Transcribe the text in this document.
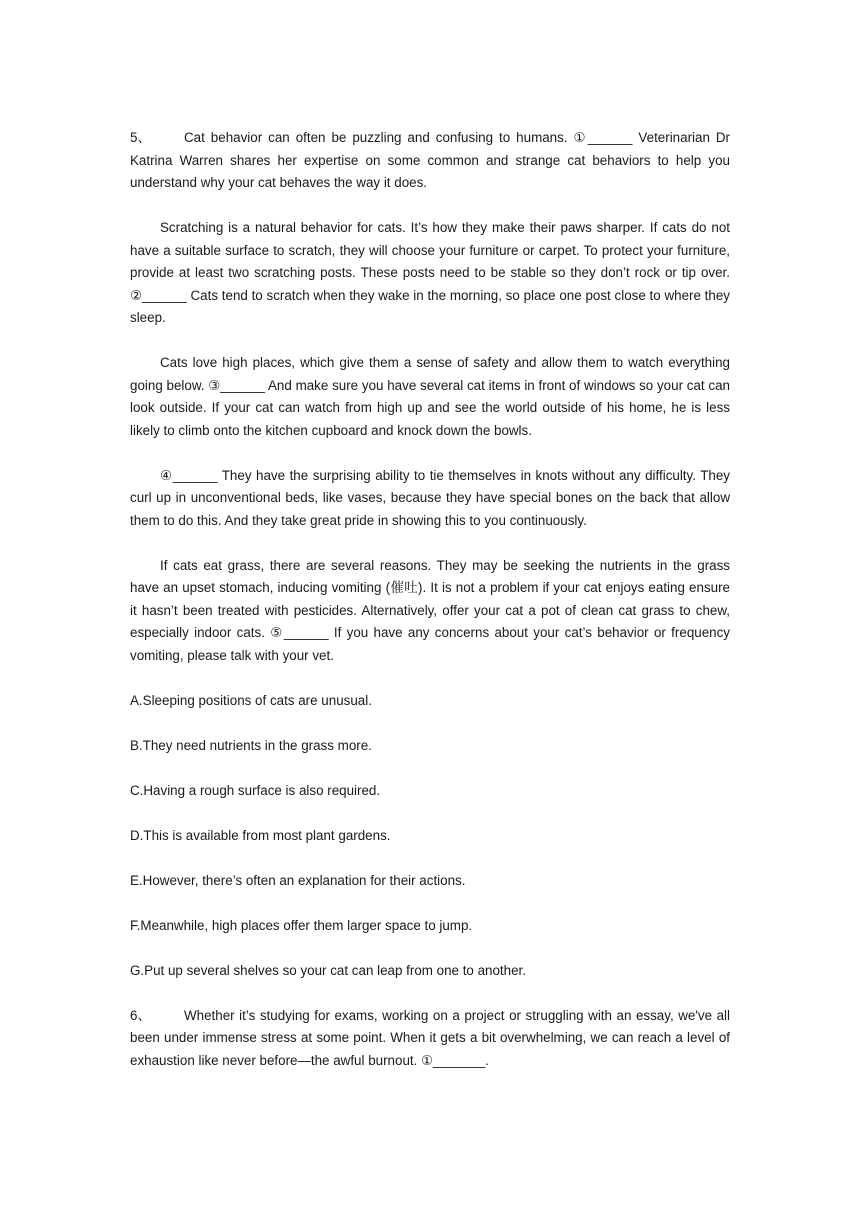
5、 Cat behavior can often be puzzling and confusing to humans. ①______ Veterinarian Dr Katrina Warren shares her expertise on some common and strange cat behaviors to help you understand why your cat behaves the way it does.

Scratching is a natural behavior for cats. It’s how they make their paws sharper. If cats do not have a suitable surface to scratch, they will choose your furniture or carpet. To protect your furniture, provide at least two scratching posts. These posts need to be stable so they don’t rock or tip over. ②______ Cats tend to scratch when they wake in the morning, so place one post close to where they sleep.

Cats love high places, which give them a sense of safety and allow them to watch everything going below. ③______ And make sure you have several cat items in front of windows so your cat can look outside. If your cat can watch from high up and see the world outside of his home, he is less likely to climb onto the kitchen cupboard and knock down the bowls.

④______ They have the surprising ability to tie themselves in knots without any difficulty. They curl up in unconventional beds, like vases, because they have special bones on the back that allow them to do this. And they take great pride in showing this to you continuously.

If cats eat grass, there are several reasons. They may be seeking the nutrients in the grass have an upset stomach, inducing vomiting (催吐). It is not a problem if your cat enjoys eating ensure it hasn’t been treated with pesticides. Alternatively, offer your cat a pot of clean cat grass to chew, especially indoor cats. ⑤______ If you have any concerns about your cat’s behavior or frequency vomiting, please talk with your vet.

A.Sleeping positions of cats are unusual.

B.They need nutrients in the grass more.

C.Having a rough surface is also required.

D.This is available from most plant gardens.

E.However, there’s often an explanation for their actions.

F.Meanwhile, high places offer them larger space to jump.

G.Put up several shelves so your cat can leap from one to another.

6、 Whether it’s studying for exams, working on a project or struggling with an essay, we've all been under immense stress at some point. When it gets a bit overwhelming, we can reach a level of exhaustion like never before—the awful burnout. ①_______.
